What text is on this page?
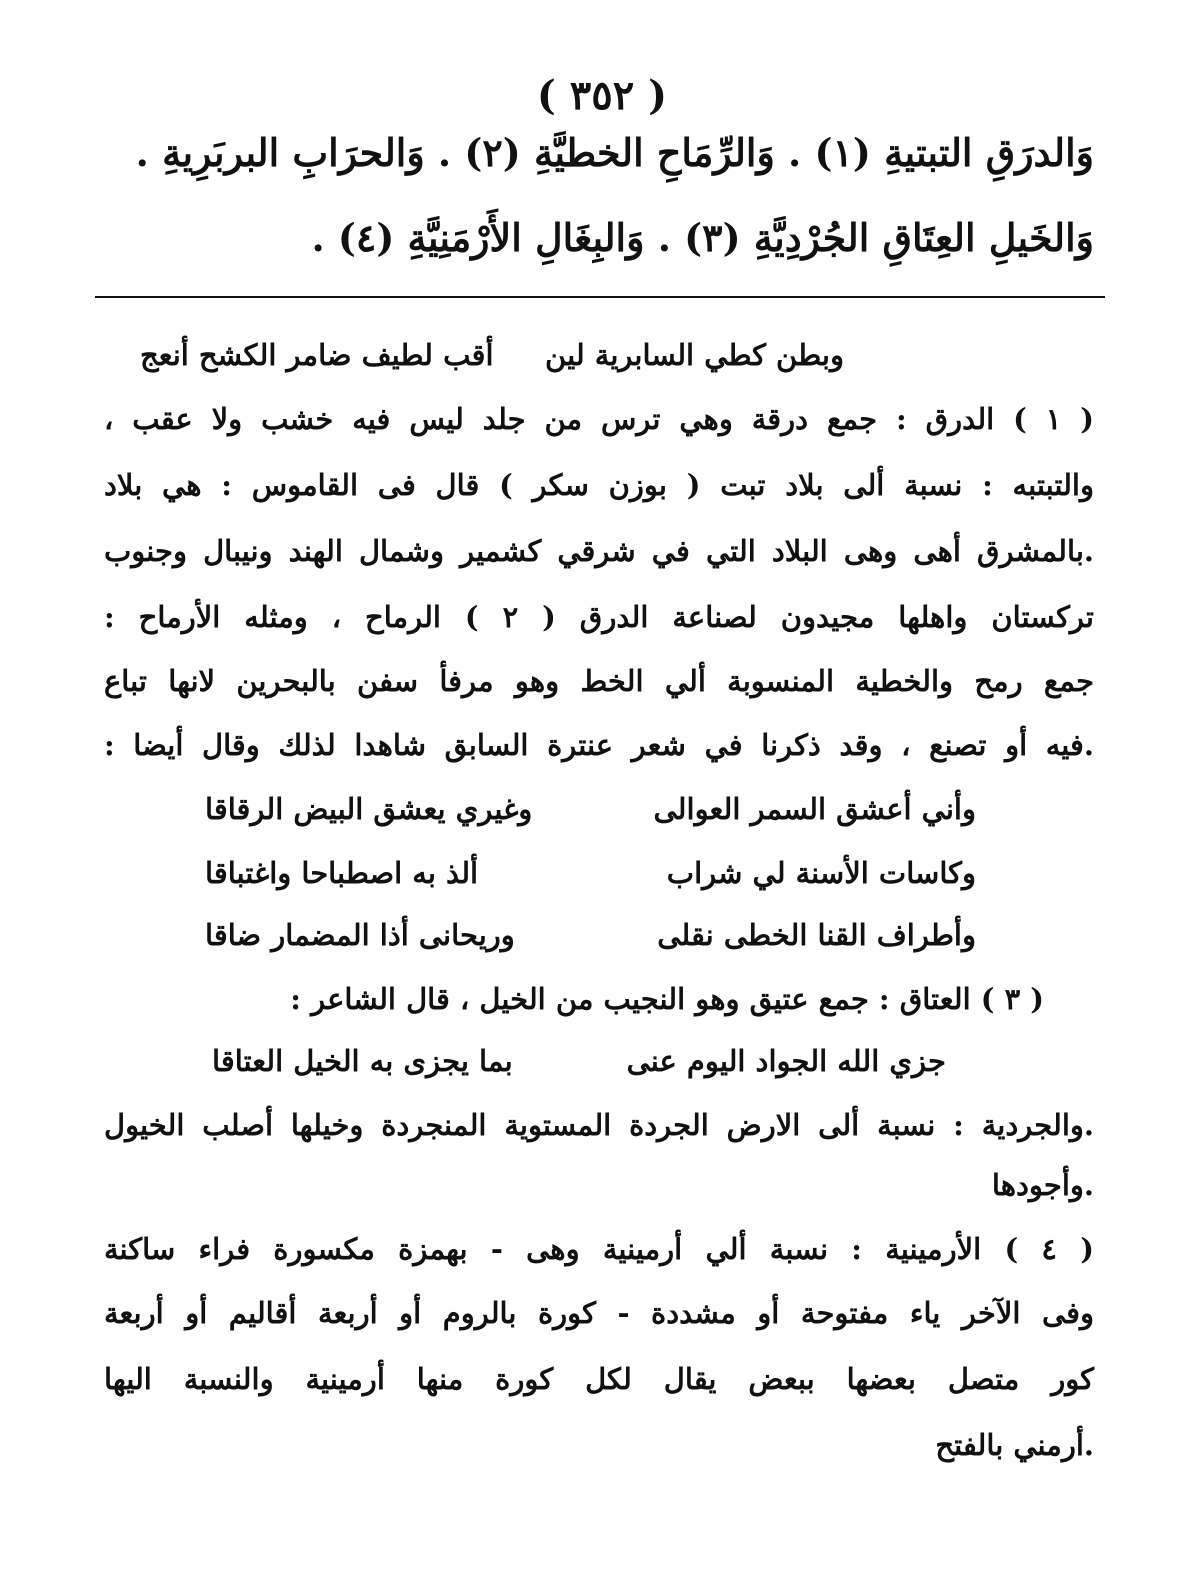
( ٣٥٢ )
وَالدرَقِ التبتيةِ (١) . وَالرِّمَاحِ الخطيَّةِ (٢) . وَالحرَابِ البربَرِيةِ .
وَالخَيلِ العِتَاقِ الجُرْدِيَّةِ (٣) . وَالبِغَالِ الأَرْمَنِيَّةِ (٤) .
وبطن كطي السابرية لين
أقب لطيف ضامر الكشح أنعج
( ١ ) الدرق : جمع درقة وهي ترس من جلد ليس فيه خشب ولا عقب ،
والتبتبه : نسبة ألى بلاد تبت ( بوزن سكر ) قال فى القاموس : هي بلاد
.بالمشرق أهى وهى البلاد التي في شرقي كشمير وشمال الهند ونيبال وجنوب
تركستان واهلها مجيدون لصناعة الدرق ( ٢ ) الرماح ، ومثله الأرماح :
جمع رمح والخطية المنسوبة ألي الخط وهو مرفأ سفن بالبحرين لانها تباع
.فيه أو تصنع ، وقد ذكرنا في شعر عنترة السابق شاهدا لذلك وقال أيضا :
وأني أعشق السمر العوالى
وغيري يعشق البيض الرقاقا
وكاسات الأسنة لي شراب
ألذ به اصطباحا واغتباقا
وأطراف القنا الخطى نقلى
وريحانى أذا المضمار ضاقا
( ٣ ) العتاق : جمع عتيق وهو النجيب من الخيل ، قال الشاعر :
جزي الله الجواد اليوم عنى
بما يجزى به الخيل العتاقا
.والجردية : نسبة ألى الارض الجردة المستوية المنجردة وخيلها أصلب الخيول
.وأجودها
( ٤ ) الأرمينية : نسبة ألي أرمينية وهى - بهمزة مكسورة فراء ساكنة
وفى الآخر ياء مفتوحة أو مشددة - كورة بالروم أو أربعة أقاليم أو أربعة
كور متصل بعضها ببعض يقال لكل كورة منها أرمينية والنسبة اليها
.أرمني بالفتح
